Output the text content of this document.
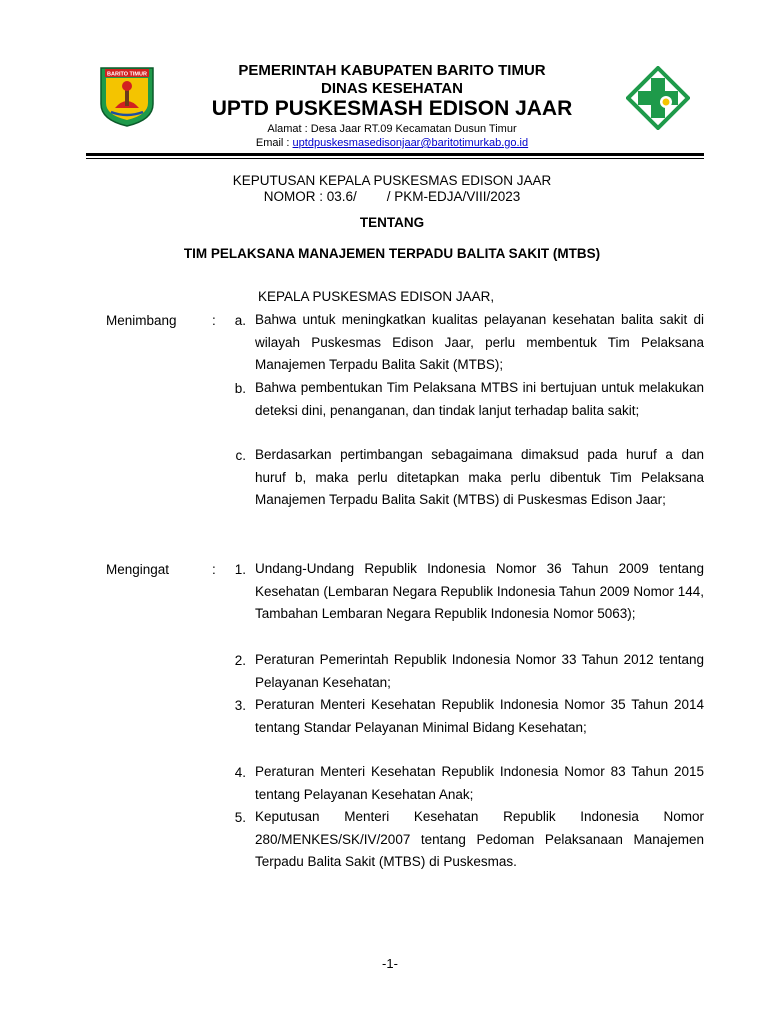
BARITO TIMUR	PEMERINTAH KABUPATEN BARITO TIMUR
DINAS KESEHATAN
UPTD PUSKESMASH EDISON JAAR
Alamat : Desa Jaar RT.09 Kecamatan Dusun Timur
Email : uptdpuskesmasedisonjaar@baritotimurkab.go.id
KEPUTUSAN KEPALA PUSKESMAS EDISON JAAR
NOMOR : 03.6/        / PKM-EDJA/VIII/2023
TENTANG
TIM PELAKSANA MANAJEMEN TERPADU BALITA SAKIT (MTBS)
KEPALA PUSKESMAS EDISON JAAR,
Menimbang	:	a. Bahwa untuk meningkatkan kualitas pelayanan kesehatan balita sakit di wilayah Puskesmas Edison Jaar, perlu membentuk Tim Pelaksana Manajemen Terpadu Balita Sakit (MTBS);
b. Bahwa pembentukan Tim Pelaksana MTBS ini bertujuan untuk melakukan deteksi dini, penanganan, dan tindak lanjut terhadap balita sakit;
c. Berdasarkan pertimbangan sebagaimana dimaksud pada huruf a dan huruf b, maka perlu ditetapkan maka perlu dibentuk Tim Pelaksana Manajemen Terpadu Balita Sakit (MTBS) di Puskesmas Edison Jaar;
Mengingat	:	1. Undang-Undang Republik Indonesia Nomor 36 Tahun 2009 tentang Kesehatan (Lembaran Negara Republik Indonesia Tahun 2009 Nomor 144, Tambahan Lembaran Negara Republik Indonesia Nomor 5063);
2. Peraturan Pemerintah Republik Indonesia Nomor 33 Tahun 2012 tentang Pelayanan Kesehatan;
3. Peraturan Menteri Kesehatan Republik Indonesia Nomor 35 Tahun 2014 tentang Standar Pelayanan Minimal Bidang Kesehatan;
4. Peraturan Menteri Kesehatan Republik Indonesia Nomor 83 Tahun 2015 tentang Pelayanan Kesehatan Anak;
5. Keputusan Menteri Kesehatan Republik Indonesia Nomor 280/MENKES/SK/IV/2007 tentang Pedoman Pelaksanaan Manajemen Terpadu Balita Sakit (MTBS) di Puskesmas.
-1-
